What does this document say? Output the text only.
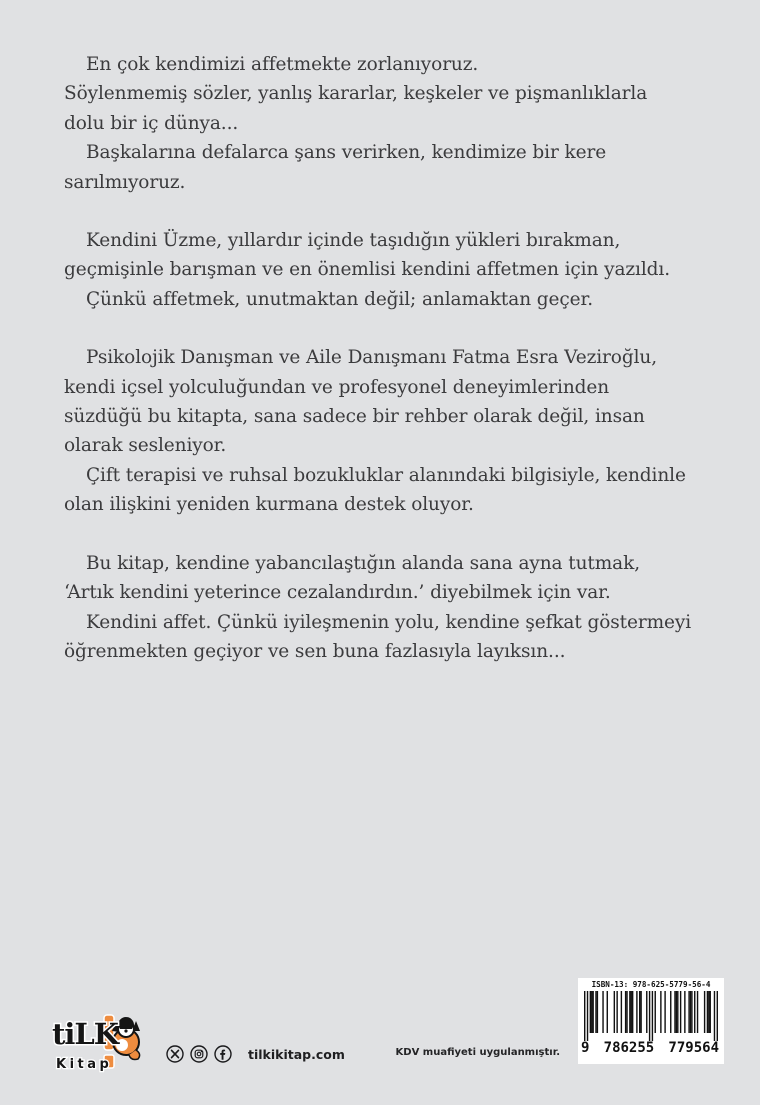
En çok kendimizi affetmekte zorlanıyoruz.
Söylenmemiş sözler, yanlış kararlar, keşkeler ve pişmanlıklarla
dolu bir iç dünya...
Başkalarına defalarca şans verirken, kendimize bir kere
sarılmıyoruz.
Kendini Üzme, yıllardır içinde taşıdığın yükleri bırakman,
geçmişinle barışman ve en önemlisi kendini affetmen için yazıldı.
Çünkü affetmek, unutmaktan değil; anlamaktan geçer.
Psikolojik Danışman ve Aile Danışmanı Fatma Esra Veziroğlu,
kendi içsel yolculuğundan ve profesyonel deneyimlerinden
süzdüğü bu kitapta, sana sadece bir rehber olarak değil, insan
olarak sesleniyor.
Çift terapisi ve ruhsal bozukluklar alanındaki bilgisiyle, kendinle
olan ilişkini yeniden kurmana destek oluyor.
Bu kitap, kendine yabancılaştığın alanda sana ayna tutmak,
‘Artık kendini yeterince cezalandırdın.’ diyebilmek için var.
Kendini affet. Çünkü iyileşmenin yolu, kendine şefkat göstermeyi
öğrenmekten geçiyor ve sen buna fazlasıyla layıksın...
tiLK
Kitap
tilkikitap.com	KDV muafiyeti uygulanmıştır.
ISBN-13: 978-625-5779-56-4
9 786255 779564
